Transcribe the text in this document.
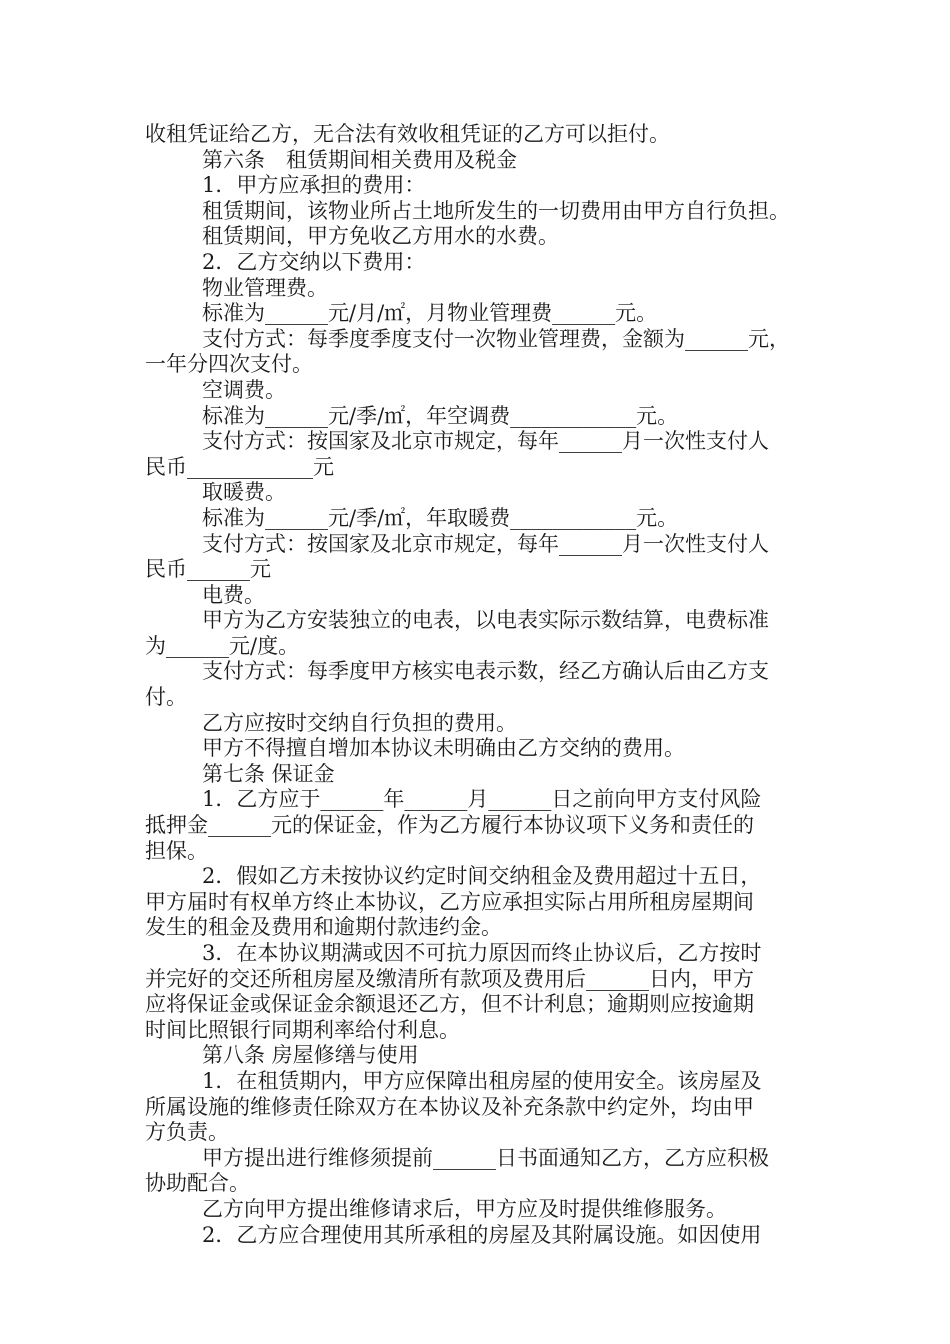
收租凭证给乙方，无合法有效收租凭证的乙方可以拒付。
第六条　租赁期间相关费用及税金
1．甲方应承担的费用：
租赁期间，该物业所占土地所发生的一切费用由甲方自行负担。
租赁期间，甲方免收乙方用水的水费。
2．乙方交纳以下费用：
物业管理费。
标准为______元/月/㎡，月物业管理费______元。
支付方式：每季度季度支付一次物业管理费，金额为______元，
一年分四次支付。
空调费。
标准为______元/季/㎡，年空调费____________元。
支付方式：按国家及北京市规定，每年______月一次性支付人
民币____________元
取暖费。
标准为______元/季/㎡，年取暖费____________元。
支付方式：按国家及北京市规定，每年______月一次性支付人
民币______元
电费。
甲方为乙方安装独立的电表，以电表实际示数结算，电费标准
为______元/度。
支付方式：每季度甲方核实电表示数，经乙方确认后由乙方支
付。
乙方应按时交纳自行负担的费用。
甲方不得擅自增加本协议未明确由乙方交纳的费用。
第七条 保证金
1．乙方应于______年______月______日之前向甲方支付风险
抵押金______元的保证金，作为乙方履行本协议项下义务和责任的
担保。
2．假如乙方未按协议约定时间交纳租金及费用超过十五日，
甲方届时有权单方终止本协议，乙方应承担实际占用所租房屋期间
发生的租金及费用和逾期付款违约金。
3．在本协议期满或因不可抗力原因而终止协议后，乙方按时
并完好的交还所租房屋及缴清所有款项及费用后______日内，甲方
应将保证金或保证金余额退还乙方，但不计利息；逾期则应按逾期
时间比照银行同期利率给付利息。
第八条 房屋修缮与使用
1．在租赁期内，甲方应保障出租房屋的使用安全。该房屋及
所属设施的维修责任除双方在本协议及补充条款中约定外，均由甲
方负责。
甲方提出进行维修须提前______日书面通知乙方，乙方应积极
协助配合。
乙方向甲方提出维修请求后，甲方应及时提供维修服务。
2．乙方应合理使用其所承租的房屋及其附属设施。如因使用
